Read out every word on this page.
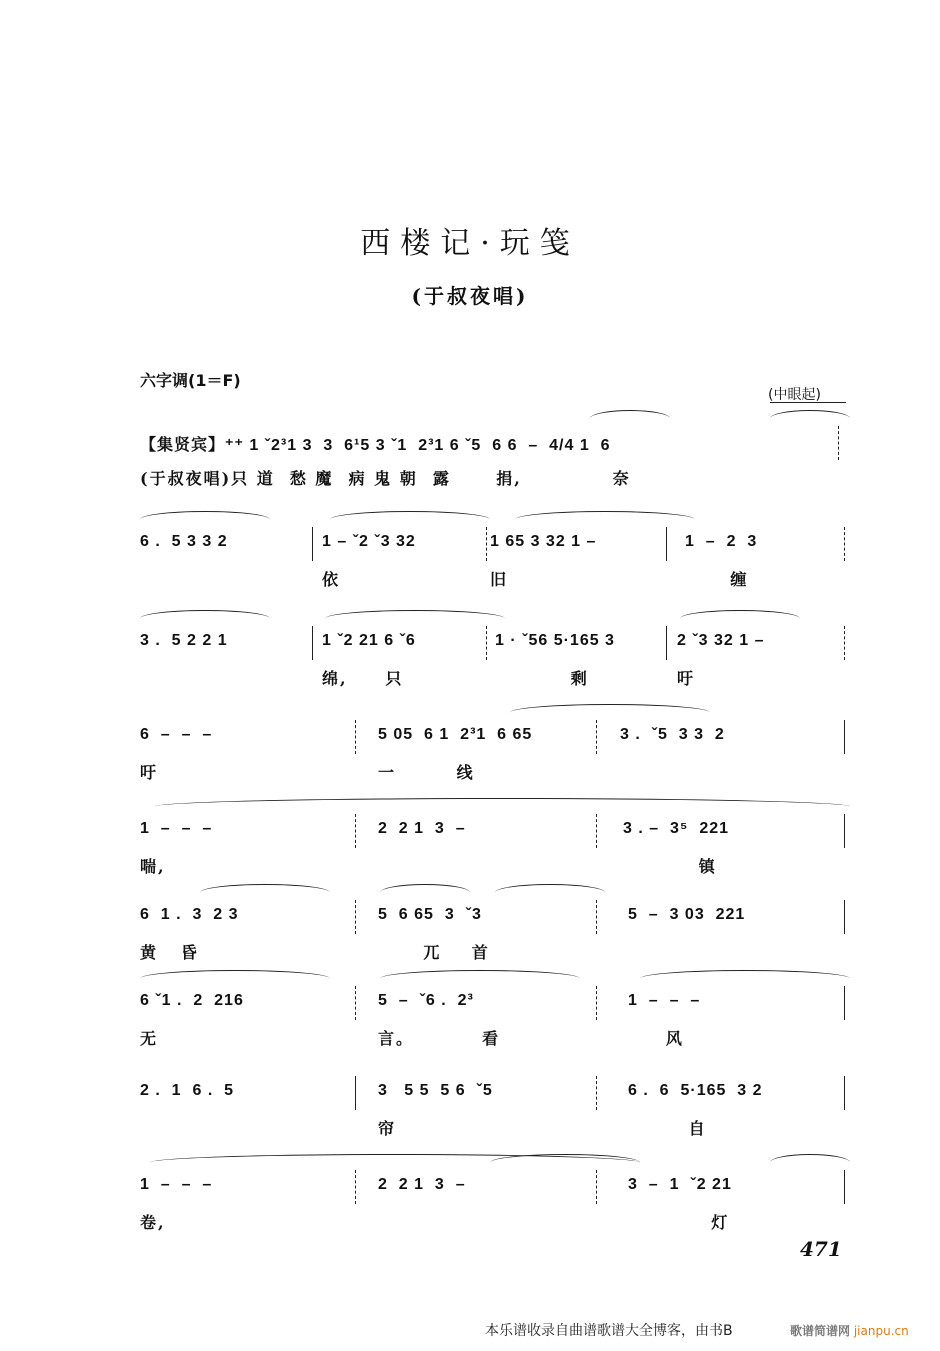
西楼记·玩笺
(于叔夜唱)
六字调(1＝F)
(中眼起)
【集贤宾】⁺⁺ 1 ˇ2³1 3  3  6¹5 3 ˇ1  2³1 6 ˇ5  6 6  –  4/4 1  6
(于叔夜唱)只 道  愁 魔  病 鬼 朝  露      捐,            奈
6 .  5 3 3 2	1 – ˇ2 ˇ3 32
依
1 65 3 32 1 –
旧
1  –  2  3
缠
3 .  5 2 2 1	1 ˇ2 21 6 ˇ6
绵,     只
1 · ˇ56 5·165 3
剩
2 ˇ3 32 1 –
吁
6  –  –  –
吁
5 05  6 1  2³1  6 65
一        线
3 .  ˇ5  3 3  2
1  –  –  –
喘,
2  2 1  3  –	3 . –  3⁵  221
镇
6  1 .  3  2 3
黄   昏
5  6 65  3  ˇ3
兀    首
5  –  3 03  221
6 ˇ1 .  2  216
无
5  –  ˇ6 .  2³
言。         看
1  –  –  –
风
2 .  1  6 .  5	3   5 5  5 6  ˇ5
帘
6 .  6  5·165  3 2
自
1  –  –  –
卷,
2  2 1  3  –	3  –  1  ˇ2 21
灯
471
本乐谱收录自曲谱歌谱大全博客，由书B	歌谱简谱网 jianpu.cn
